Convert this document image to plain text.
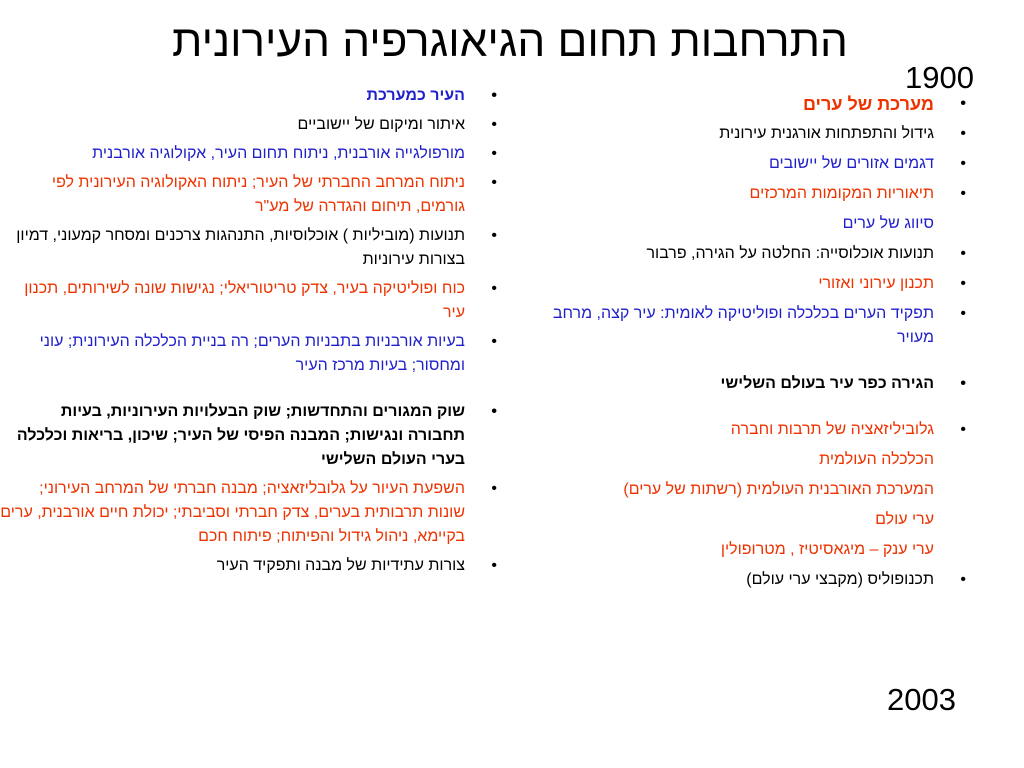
התרחבות תחום הגיאוגרפיה העירונית
1900
2003
• מערכת של ערים
• גידול והתפתחות אורגנית עירונית
• דגמים אזורים של יישובים
• תיאוריות המקומות המרכזים
סיווג של ערים
• תנועות אוכלוסייה: החלטה על הגירה, פרבור
• תכנון עירוני ואזורי
• תפקיד הערים בכלכלה ופוליטיקה לאומית: עיר קצה, מרחב מעויר
• הגירה כפר עיר בעולם השלישי
• גלוביליזאציה של תרבות וחברה
הכלכלה העולמית
המערכת האורבנית העולמית (רשתות של ערים)
ערי עולם
ערי ענק – מיגאסיטיז , מטרופולין
• תכנופוליס (מקבצי ערי עולם)
• העיר כמערכת
• איתור ומיקום של יישוביים
• מורפולגייה אורבנית, ניתוח תחום העיר, אקולוגיה אורבנית
• ניתוח המרחב החברתי של העיר; ניתוח האקולוגיה העירונית לפי גורמים, תיחום והגדרה של מע"ר
• תנועות (מוביליות ) אוכלוסיות, התנהגות צרכנים ומסחר קמעוני, דמיון בצורות עירוניות
• כוח ופוליטיקה בעיר, צדק טריטוריאלי; נגישות שונה לשירותים, תכנון עיר
• בעיות אורבניות בתבניות הערים; רה בניית הכלכלה העירונית; עוני ומחסור; בעיות מרכז העיר
• שוק המגורים והתחדשות; שוק הבעלויות העירוניות, בעיות תחבורה ונגישות; המבנה הפיסי של העיר; שיכון, בריאות וכלכלה בערי העולם השלישי
• השפעת העיור על גלובליזאציה; מבנה חברתי של המרחב העירוני; שונות תרבותית בערים, צדק חברתי וסביבתי; יכולת חיים אורבנית, ערים בקיימא, ניהול גידול והפיתוח; פיתוח חכם
• צורות עתידיות של מבנה ותפקיד העיר
